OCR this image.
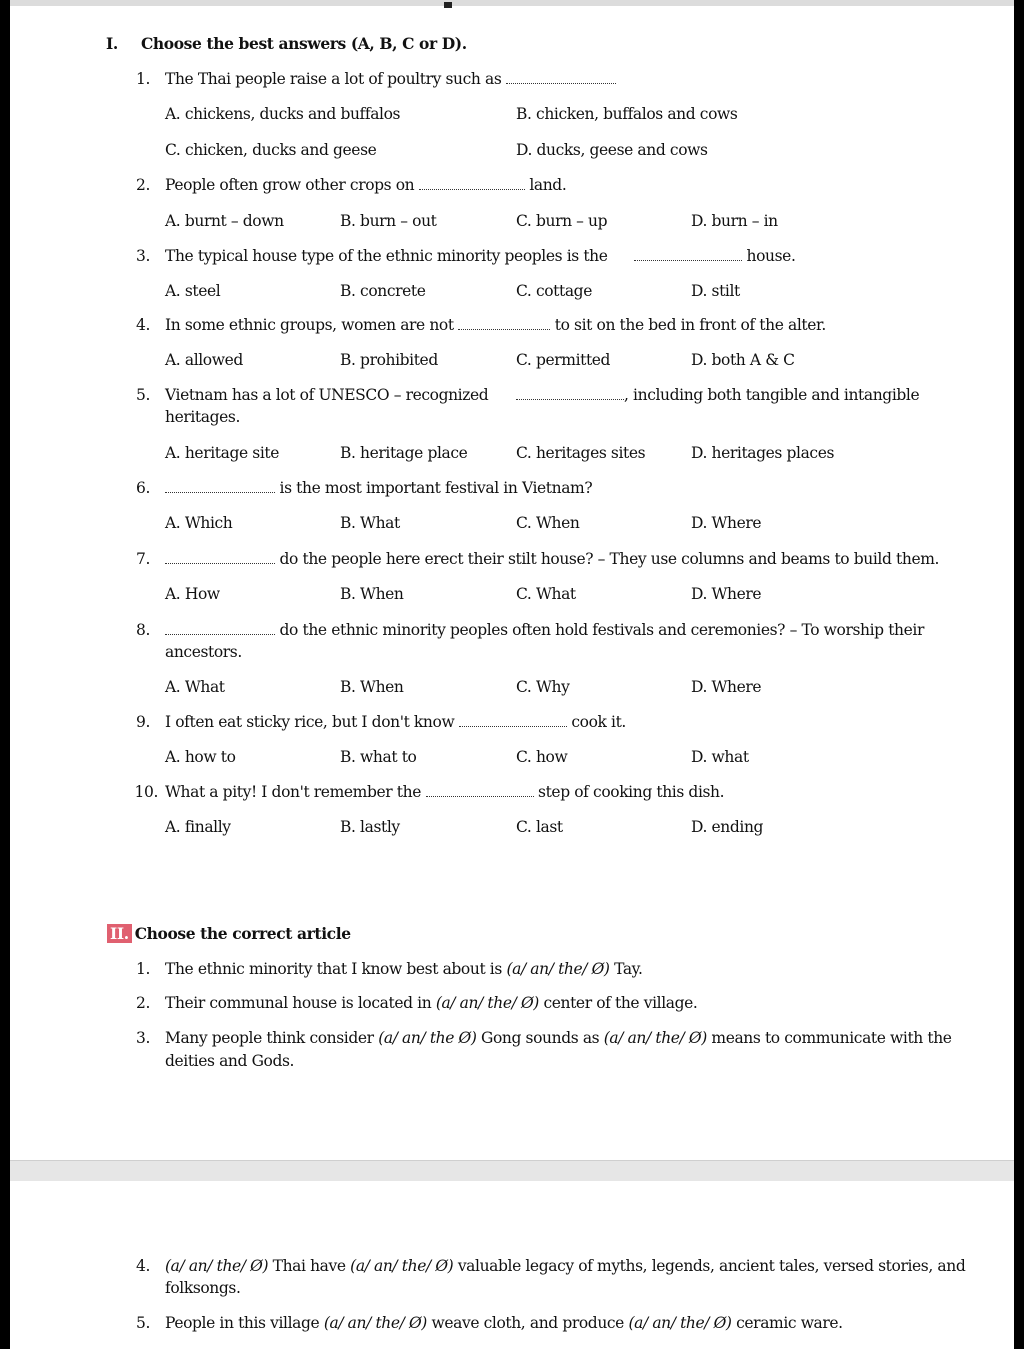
I. Choose the best answers (A, B, C or D).
1. The Thai people raise a lot of poultry such as
A. chickens, ducks and buffalos	B. chicken, buffalos and cows
C. chicken, ducks and geese	D. ducks, geese and cows
2. People often grow other crops on	land.
A. burnt – down	B. burn – out	C. burn – up	D. burn – in
3. The typical house type of the ethnic minority peoples is the	house.
A. steel	B. concrete	C. cottage	D. stilt
4. In some ethnic groups, women are not	to sit on the bed in front of the alter.
A. allowed	B. prohibited	C. permitted	D. both A & C
5. Vietnam has a lot of UNESCO – recognized	, including both tangible and intangible
heritages.
A. heritage site	B. heritage place	C. heritages sites	D. heritages places
6.	is the most important festival in Vietnam?
A. Which	B. What	C. When	D. Where
7.	do the people here erect their stilt house? – They use columns and beams to build them.
A. How	B. When	C. What	D. Where
8.	do the ethnic minority peoples often hold festivals and ceremonies? – To worship their
ancestors.
A. What	B. When	C. Why	D. Where
9. I often eat sticky rice, but I don't know	cook it.
A. how to	B. what to	C. how	D. what
10. What a pity! I don't remember the	step of cooking this dish.
A. finally	B. lastly	C. last	D. ending
II. Choose the correct article
1. The ethnic minority that I know best about is (a/ an/ the/ Ø) Tay.
2. Their communal house is located in (a/ an/ the/ Ø) center of the village.
3. Many people think consider (a/ an/ the Ø) Gong sounds as (a/ an/ the/ Ø) means to communicate with the
deities and Gods.
4. (a/ an/ the/ Ø) Thai have (a/ an/ the/ Ø) valuable legacy of myths, legends, ancient tales, versed stories, and
folksongs.
5. People in this village (a/ an/ the/ Ø) weave cloth, and produce (a/ an/ the/ Ø) ceramic ware.
